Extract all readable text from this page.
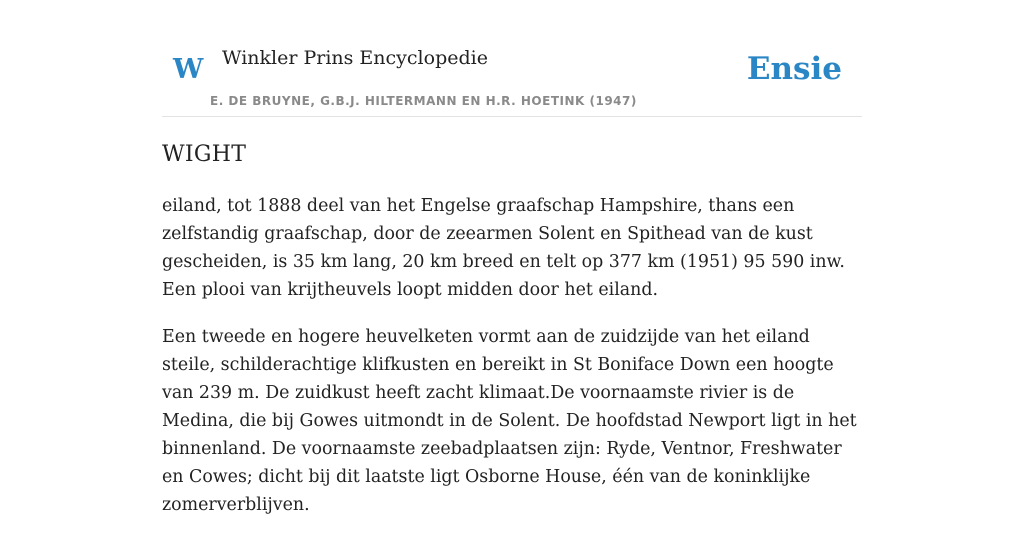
W Winkler Prins Encyclopedie
E. DE BRUYNE, G.B.J. HILTERMANN EN H.R. HOETINK (1947)
Ensie
WIGHT

eiland, tot 1888 deel van het Engelse graafschap Hampshire, thans een zelfstandig graafschap, door de zeearmen Solent en Spithead van de kust gescheiden, is 35 km lang, 20 km breed en telt op 377 km (1951) 95 590 inw. Een plooi van krijtheuvels loopt midden door het eiland.

Een tweede en hogere heuvelketen vormt aan de zuidzijde van het eiland steile, schilderachtige klifkusten en bereikt in St Boniface Down een hoogte van 239 m. De zuidkust heeft zacht klimaat.De voornaamste rivier is de Medina, die bij Gowes uitmondt in de Solent. De hoofdstad Newport ligt in het binnenland. De voornaamste zeebadplaatsen zijn: Ryde, Ventnor, Freshwater en Cowes; dicht bij dit laatste ligt Osborne House, één van de koninklijke zomerverblijven.
